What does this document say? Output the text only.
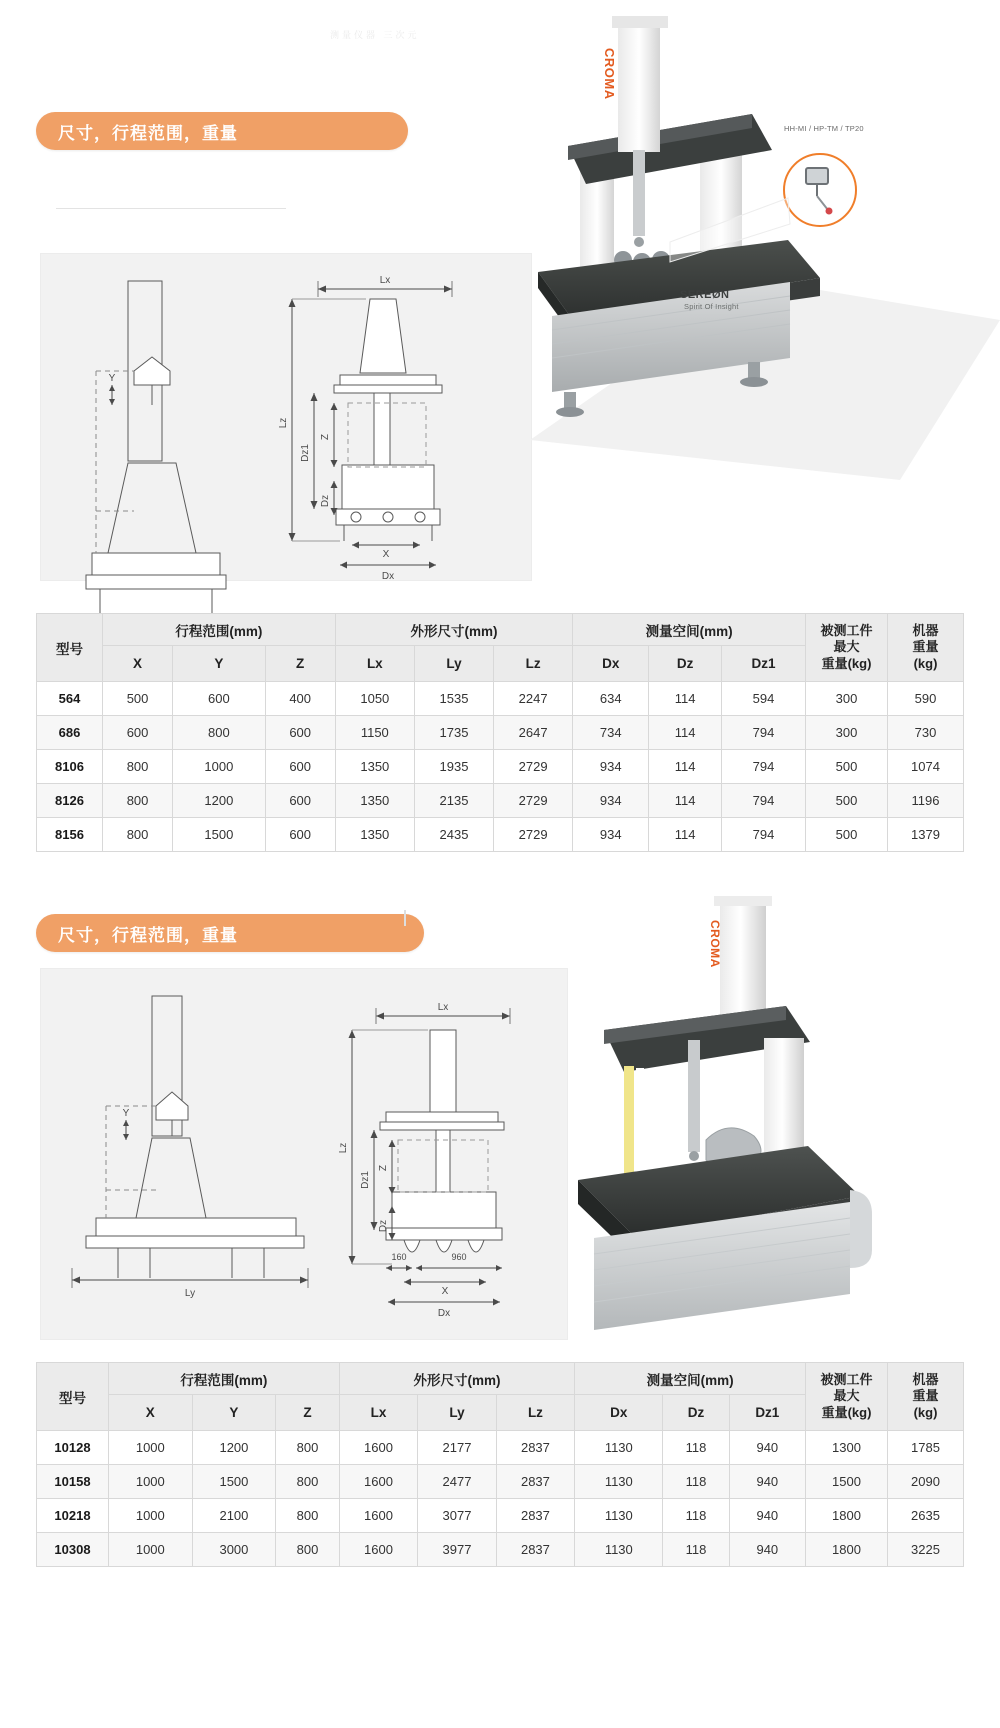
测量仪器 三次元
尺寸，行程范围，重量
Y
Lx
Lz
Dz1
Z
Dz
X
Dx
HH-MI / HP-TM / TP20
CROMA
SEREØN
Spirit Of Insight
型号	行程范围(mm)	外形尺寸(mm)	测量空间(mm)	被测工件
最大
重量(kg)

机器
重量
(kg)

	X	Y	Z	Lx	Ly	Lz	Dx	Dz	Dz1		
564	500	600	400	1050	1535	2247	634	114	594	300	590
686	600	800	600	1150	1735	2647	734	114	794	300	730
8106	800	1000	600	1350	1935	2729	934	114	794	500	1074
8126	800	1200	600	1350	2135	2729	934	114	794	500	1196
8156	800	1500	600	1350	2435	2729	934	114	794	500	1379
尺寸，行程范围，重量
Y
Ly
Lx
Lz
Dz1
Z
Dz
160	960
X
Dx
CROMA
型号	行程范围(mm)	外形尺寸(mm)	测量空间(mm)	被测工件
最大
重量(kg)

机器
重量
(kg)

	X	Y	Z	Lx	Ly	Lz	Dx	Dz	Dz1		
10128	1000	1200	800	1600	2177	2837	1130	118	940	1300	1785
10158	1000	1500	800	1600	2477	2837	1130	118	940	1500	2090
10218	1000	2100	800	1600	3077	2837	1130	118	940	1800	2635
10308	1000	3000	800	1600	3977	2837	1130	118	940	1800	3225
